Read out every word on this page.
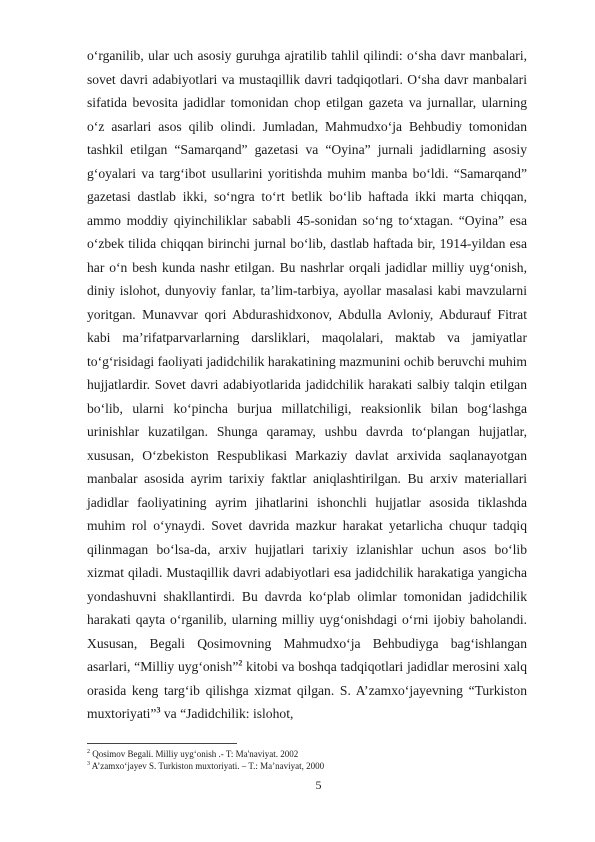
o‘rganilib, ular uch asosiy guruhga ajratilib tahlil qilindi: o‘sha davr manbalari, sovet davri adabiyotlari va mustaqillik davri tadqiqotlari. O‘sha davr manbalari sifatida bevosita jadidlar tomonidan chop etilgan gazeta va jurnallar, ularning o‘z asarlari asos qilib olindi. Jumladan, Mahmudxo‘ja Behbudiy tomonidan tashkil etilgan “Samarqand” gazetasi va “Oyina” jurnali jadidlarning asosiy g‘oyalari va targ‘ibot usullarini yoritishda muhim manba bo‘ldi. “Samarqand” gazetasi dastlab ikki, so‘ngra to‘rt betlik bo‘lib haftada ikki marta chiqqan, ammo moddiy qiyinchiliklar sababli 45-sonidan so‘ng to‘xtagan. “Oyina” esa o‘zbek tilida chiqqan birinchi jurnal bo‘lib, dastlab haftada bir, 1914-yildan esa har o‘n besh kunda nashr etilgan. Bu nashrlar orqali jadidlar milliy uyg‘onish, diniy islohot, dunyoviy fanlar, ta’lim-tarbiya, ayollar masalasi kabi mavzularni yoritgan. Munavvar qori Abdurashidxonov, Abdulla Avloniy, Abdurauf Fitrat kabi ma’rifatparvarlarning darsliklari, maqolalari, maktab va jamiyatlar to‘g‘risidagi faoliyati jadidchilik harakatining mazmunini ochib beruvchi muhim hujjatlardir. Sovet davri adabiyotlarida jadidchilik harakati salbiy talqin etilgan bo‘lib, ularni ko‘pincha burjua millatchiligi, reaksionlik bilan bog‘lashga urinishlar kuzatilgan. Shunga qaramay, ushbu davrda to‘plangan hujjatlar, xususan, O‘zbekiston Respublikasi Markaziy davlat arxivida saqlanayotgan manbalar asosida ayrim tarixiy faktlar aniqlashtirilgan. Bu arxiv materiallari jadidlar faoliyatining ayrim jihatlarini ishonchli hujjatlar asosida tiklashda muhim rol o‘ynaydi. Sovet davrida mazkur harakat yetarlicha chuqur tadqiq qilinmagan bo‘lsa-da, arxiv hujjatlari tarixiy izlanishlar uchun asos bo‘lib xizmat qiladi. Mustaqillik davri adabiyotlari esa jadidchilik harakatiga yangicha yondashuvni shakllantirdi. Bu davrda ko‘plab olimlar tomonidan jadidchilik harakati qayta o‘rganilib, ularning milliy uyg‘onishdagi o‘rni ijobiy baholandi. Xususan, Begali Qosimovning Mahmudxo‘ja Behbudiyga bag‘ishlangan asarlari, “Milliy uyg‘onish”$^2$ kitobi va boshqa tadqiqotlari jadidlar merosini xalq orasida keng targ‘ib qilishga xizmat qilgan. S. A’zamxo‘jayevning “Turkiston muxtoriyati”$^3$ va “Jadidchilik: islohot,

$^2$ Qosimov Begali. Milliy uyg‘onish .- T: Ma'naviyat. 2002

$^3$ A’zamxo‘jayev S. Turkiston muxtoriyati. – T.: Ma’naviyat, 2000

5
